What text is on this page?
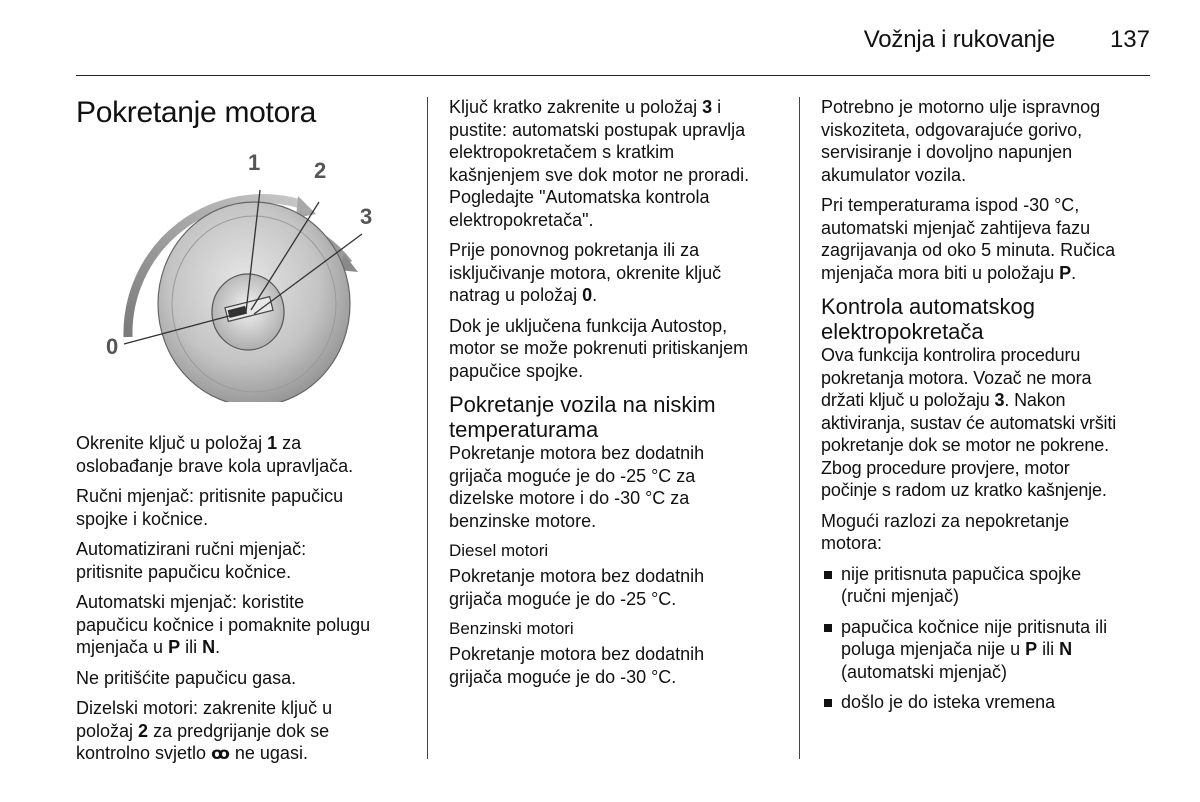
Vožnja i rukovanje 137
Pokretanje motora
0
1 2
3

Okrenite ključ u položaj 1 za
oslobađanje brave kola upravljača.

Ručni mjenjač: pritisnite papučicu
spojke i kočnice.

Automatizirani ručni mjenjač:
pritisnite papučicu kočnice.

Automatski mjenjač: koristite
papučicu kočnice i pomaknite polugu
mjenjača u P ili N.

Ne pritišćite papučicu gasa.

Dizelski motori: zakrenite ključ u
položaj 2 za predgrijanje dok se
kontrolno svjetlo ꝏ ne ugasi.

Ključ kratko zakrenite u položaj 3 i
pustite: automatski postupak upravlja
elektropokretačem s kratkim
kašnjenjem sve dok motor ne proradi.
Pogledajte "Automatska kontrola
elektropokretača".

Prije ponovnog pokretanja ili za
isključivanje motora, okrenite ključ
natrag u položaj 0.

Dok je uključena funkcija Autostop,
motor se može pokrenuti pritiskanjem
papučice spojke.

Pokretanje vozila na niskim
temperaturama

Pokretanje motora bez dodatnih
grijača moguće je do -25 °C za
dizelske motore i do -30 °C za
benzinske motore.

Diesel motori

Pokretanje motora bez dodatnih
grijača moguće je do -25 °C.

Benzinski motori

Pokretanje motora bez dodatnih
grijača moguće je do -30 °C.

Potrebno je motorno ulje ispravnog
viskoziteta, odgovarajuće gorivo,
servisiranje i dovoljno napunjen
akumulator vozila.

Pri temperaturama ispod -30 °C,
automatski mjenjač zahtijeva fazu
zagrijavanja od oko 5 minuta. Ručica
mjenjača mora biti u položaju P.

Kontrola automatskog
elektropokretača

Ova funkcija kontrolira proceduru
pokretanja motora. Vozač ne mora
držati ključ u položaju 3. Nakon
aktiviranja, sustav će automatski vršiti
pokretanje dok se motor ne pokrene.
Zbog procedure provjere, motor
počinje s radom uz kratko kašnjenje.

Mogući razlozi za nepokretanje
motora:

nije pritisnuta papučica spojke
(ručni mjenjač)
papučica kočnice nije pritisnuta ili
poluga mjenjača nije u P ili N
(automatski mjenjač)
došlo je do isteka vremena
